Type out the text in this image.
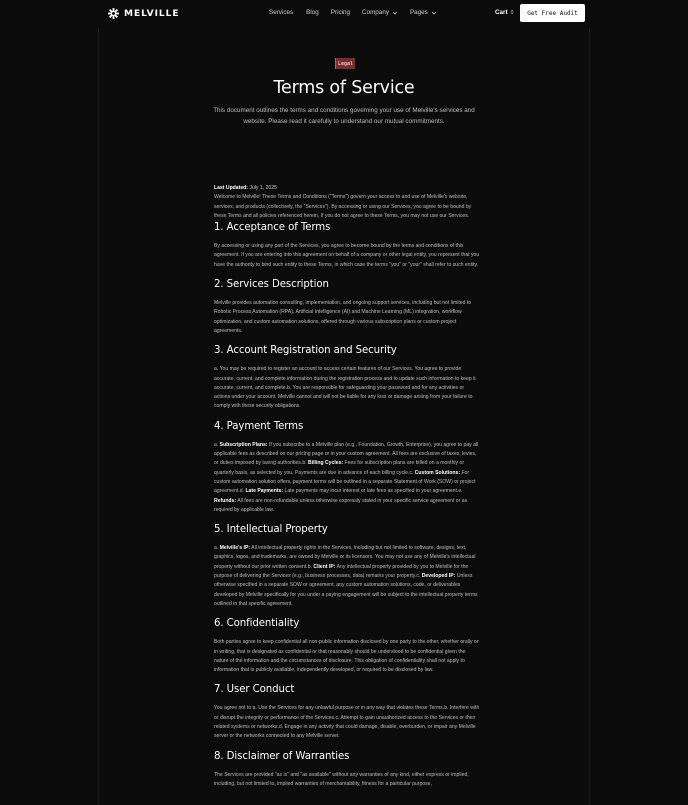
MELVILLE	Services Blog Pricing Company	Pages	Cart 0	Get Free Audit
Legal
Terms of Service
This document outlines the terms and conditions governing your use of Melville's services and website. Please read it carefully to understand our mutual commitments.

Last Updated: July 1, 2025

Welcome to Melville! These Terms and Conditions ("Terms") govern your access to and use of Melville's website, services, and products (collectively, the "Services"). By accessing or using our Services, you agree to be bound by these Terms and all policies referenced herein. If you do not agree to these Terms, you may not use our Services.

1. Acceptance of Terms

By accessing or using any part of the Services, you agree to become bound by the terms and conditions of this agreement. If you are entering into this agreement on behalf of a company or other legal entity, you represent that you have the authority to bind such entity to these Terms, in which case the terms "you" or "your" shall refer to such entity.

2. Services Description

Melville provides automation consulting, implementation, and ongoing support services, including but not limited to Robotic Process Automation (RPA), Artificial Intelligence (AI) and Machine Learning (ML) integration, workflow optimization, and custom automation solutions, offered through various subscription plans or custom project agreements.

3. Account Registration and Security

a. You may be required to register an account to access certain features of our Services. You agree to provide accurate, current, and complete information during the registration process and to update such information to keep it accurate, current, and complete.b. You are responsible for safeguarding your password and for any activities or actions under your account. Melville cannot and will not be liable for any loss or damage arising from your failure to comply with these security obligations.

4. Payment Terms

a. Subscription Plans: If you subscribe to a Melville plan (e.g., Foundation, Growth, Enterprise), you agree to pay all applicable fees as described on our pricing page or in your custom agreement. All fees are exclusive of taxes, levies, or duties imposed by taxing authorities.b. Billing Cycles: Fees for subscription plans are billed on a monthly or quarterly basis, as selected by you. Payments are due in advance of each billing cycle.c. Custom Solutions: For custom automation solution offers, payment terms will be outlined in a separate Statement of Work (SOW) or project agreement.d. Late Payments: Late payments may incur interest or late fees as specified in your agreement.e. Refunds: All fees are non-refundable unless otherwise expressly stated in your specific service agreement or as required by applicable law.

5. Intellectual Property

a. Melville's IP: All intellectual property rights in the Services, including but not limited to software, designs, text, graphics, logos, and trademarks, are owned by Melville or its licensors. You may not use any of Melville's intellectual property without our prior written consent.b. Client IP: Any intellectual property provided by you to Melville for the purpose of delivering the Services (e.g., business processes, data) remains your property.c. Developed IP: Unless otherwise specified in a separate SOW or agreement, any custom automation solutions, code, or deliverables developed by Melville specifically for you under a paying engagement will be subject to the intellectual property terms outlined in that specific agreement.

6. Confidentiality

Both parties agree to keep confidential all non-public information disclosed by one party to the other, whether orally or in writing, that is designated as confidential or that reasonably should be understood to be confidential given the nature of the information and the circumstances of disclosure. This obligation of confidentiality shall not apply to information that is publicly available, independently developed, or required to be disclosed by law.

7. User Conduct

You agree not to:a. Use the Services for any unlawful purpose or in any way that violates these Terms.b. Interfere with or disrupt the integrity or performance of the Services.c. Attempt to gain unauthorized access to the Services or their related systems or networks.d. Engage in any activity that could damage, disable, overburden, or impair any Melville server or the networks connected to any Melville server.

8. Disclaimer of Warranties

The Services are provided "as is" and "as available" without any warranties of any kind, either express or implied, including, but not limited to, implied warranties of merchantability, fitness for a particular purpose,
